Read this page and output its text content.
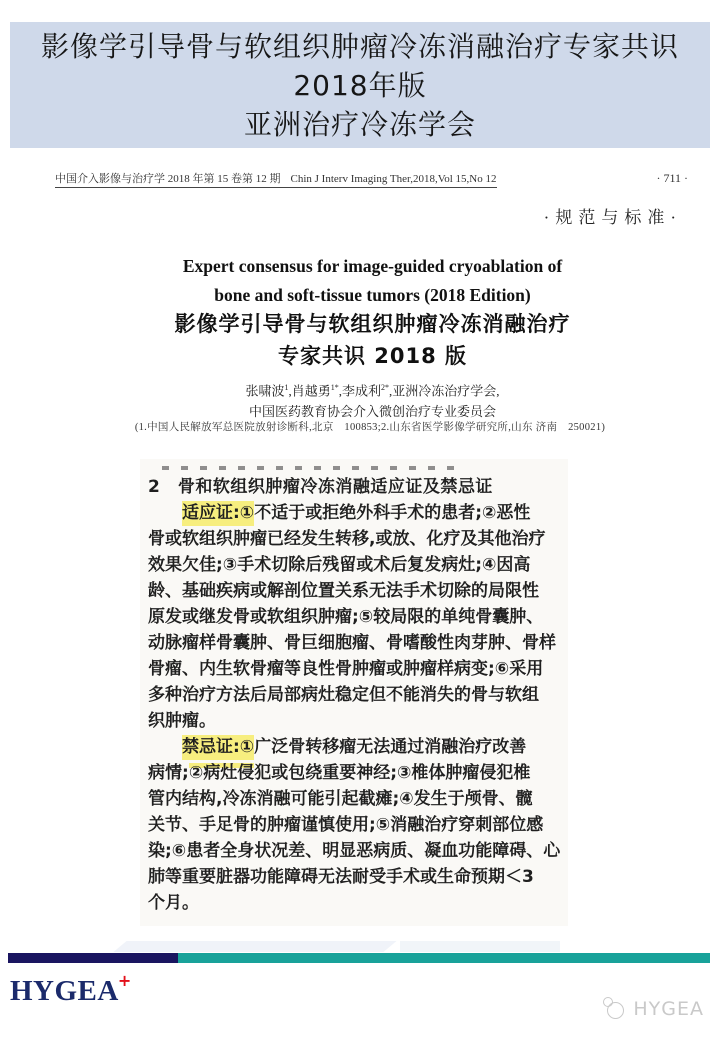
影像学引导骨与软组织肿瘤冷冻消融治疗专家共识
2018年版
亚洲治疗冷冻学会
中国介入影像与治疗学 2018 年第 15 卷第 12 期 Chin J Interv Imaging Ther,2018,Vol 15,No 12	· 711 ·
·规范与标准·
Expert consensus for image-guided cryoablation of
bone and soft-tissue tumors (2018 Edition)
影像学引导骨与软组织肿瘤冷冻消融治疗
专家共识 2018 版
张啸波$^1$,肖越勇$^{1*}$,李成利$^{2*}$,亚洲冷冻治疗学会,
中国医药教育协会介入微创治疗专业委员会
(1.中国人民解放军总医院放射诊断科,北京　100853;2.山东省医学影像学研究所,山东 济南　250021)
2　骨和软组织肿瘤冷冻消融适应证及禁忌证
适应证:①不适于或拒绝外科手术的患者;②恶性
骨或软组织肿瘤已经发生转移,或放、化疗及其他治疗
效果欠佳;③手术切除后残留或术后复发病灶;④因高
龄、基础疾病或解剖位置关系无法手术切除的局限性
原发或继发骨或软组织肿瘤;⑤较局限的单纯骨囊肿、
动脉瘤样骨囊肿、骨巨细胞瘤、骨嗜酸性肉芽肿、骨样
骨瘤、内生软骨瘤等良性骨肿瘤或肿瘤样病变;⑥采用
多种治疗方法后局部病灶稳定但不能消失的骨与软组
织肿瘤。
禁忌证:①广泛骨转移瘤无法通过消融治疗改善
病情;②病灶侵犯或包绕重要神经;③椎体肿瘤侵犯椎
管内结构,冷冻消融可能引起截瘫;④发生于颅骨、髋
关节、手足骨的肿瘤谨慎使用;⑤消融治疗穿刺部位感
染;⑥患者全身状况差、明显恶病质、凝血功能障碍、心
肺等重要脏器功能障碍无法耐受手术或生命预期＜3
个月。
HYGEA+
HYGEA
